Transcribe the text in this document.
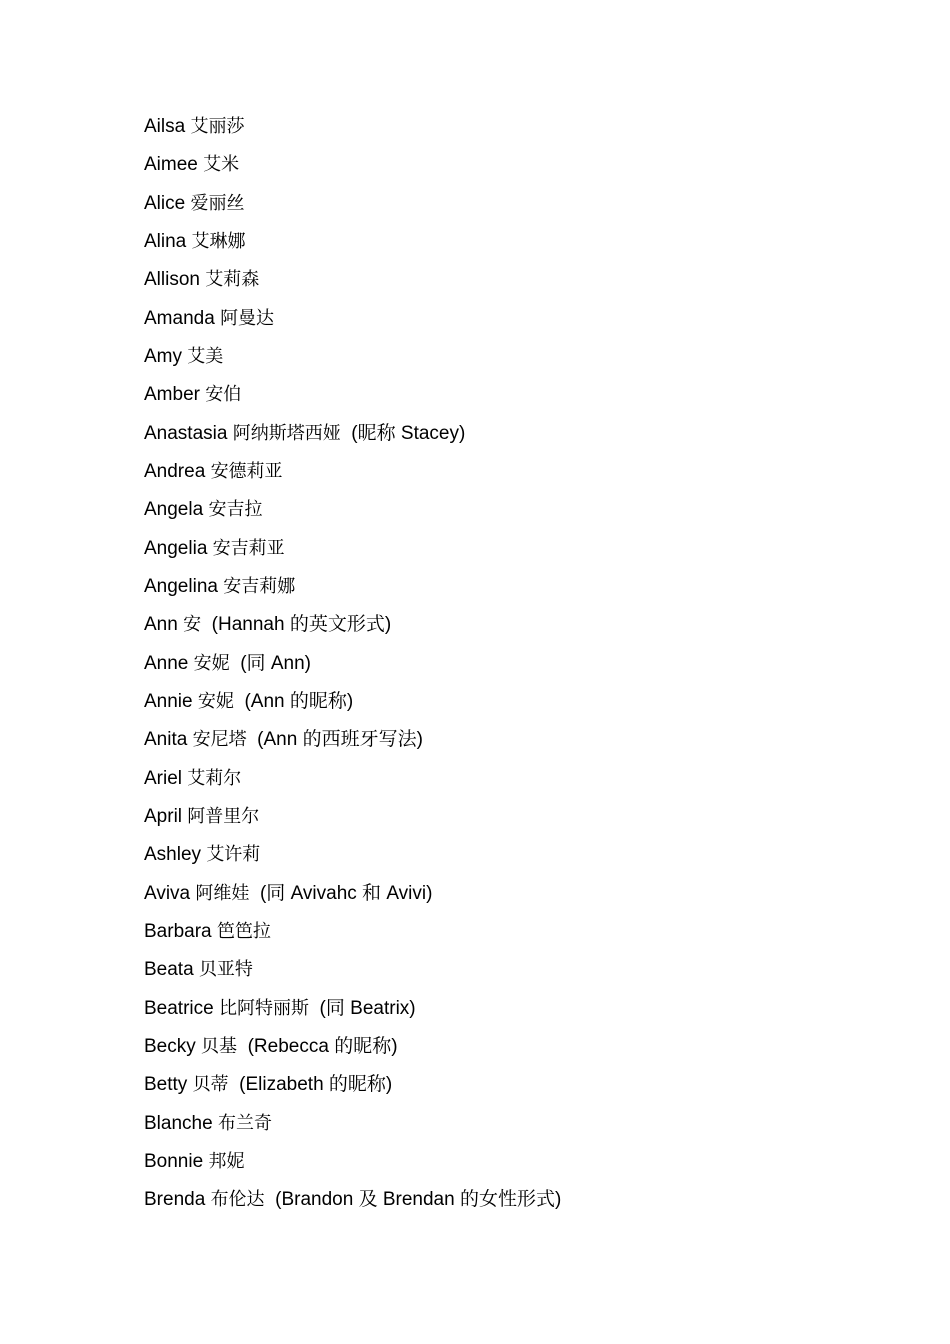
Ailsa 艾丽莎
Aimee 艾米
Alice 爱丽丝
Alina 艾琳娜
Allison 艾莉森
Amanda 阿曼达
Amy 艾美
Amber 安伯
Anastasia 阿纳斯塔西娅 (昵称 Stacey)
Andrea 安德莉亚
Angela 安吉拉
Angelia 安吉莉亚
Angelina 安吉莉娜
Ann 安 (Hannah 的英文形式)
Anne 安妮 (同 Ann)
Annie 安妮 (Ann 的昵称)
Anita 安尼塔 (Ann 的西班牙写法)
Ariel 艾莉尔
April 阿普里尔
Ashley 艾许莉
Aviva 阿维娃 (同 Avivahc 和 Avivi)
Barbara 笆笆拉
Beata 贝亚特
Beatrice 比阿特丽斯 (同 Beatrix)
Becky 贝基 (Rebecca 的昵称)
Betty 贝蒂 (Elizabeth 的昵称)
Blanche 布兰奇
Bonnie 邦妮
Brenda 布伦达 (Brandon 及 Brendan 的女性形式)
